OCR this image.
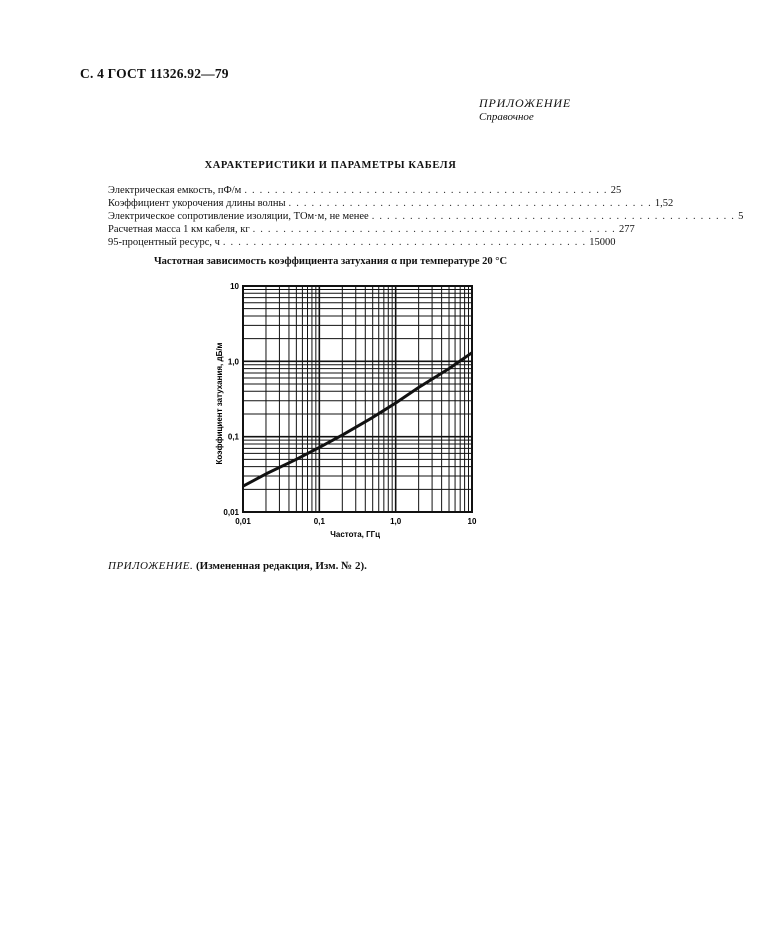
С. 4 ГОСТ 11326.92—79
ПРИЛОЖЕНИЕ
Справочное
ХАРАКТЕРИСТИКИ И ПАРАМЕТРЫ КАБЕЛЯ
Электрическая емкость, пФ/м . . . . . . . . . . . . . . . . . . . . . . . . . . . . . . . . . . . . . . . . . . . . . . . . 25
Коэффициент укорочения длины волны . . . . . . . . . . . . . . . . . . . . . . . . . . . . . . . . . . . . . . . . . . . . . . . . 1,52
Электрическое сопротивление изоляции, ТОм·м, не менее . . . . . . . . . . . . . . . . . . . . . . . . . . . . . . . . . . . . . . . . . . . . . . . . 5
Расчетная масса 1 км кабеля, кг . . . . . . . . . . . . . . . . . . . . . . . . . . . . . . . . . . . . . . . . . . . . . . . . 277
95-процентный ресурс, ч . . . . . . . . . . . . . . . . . . . . . . . . . . . . . . . . . . . . . . . . . . . . . . . . 15000
Частотная зависимость коэффициента затухания α при температуре 20 °С
0,01	0,1	1,0	10
0,01
0,1
1,0
10
Частота, ГГц
Коэффициент затухания, дБ/м
ПРИЛОЖЕНИЕ. (Измененная редакция, Изм. № 2).
